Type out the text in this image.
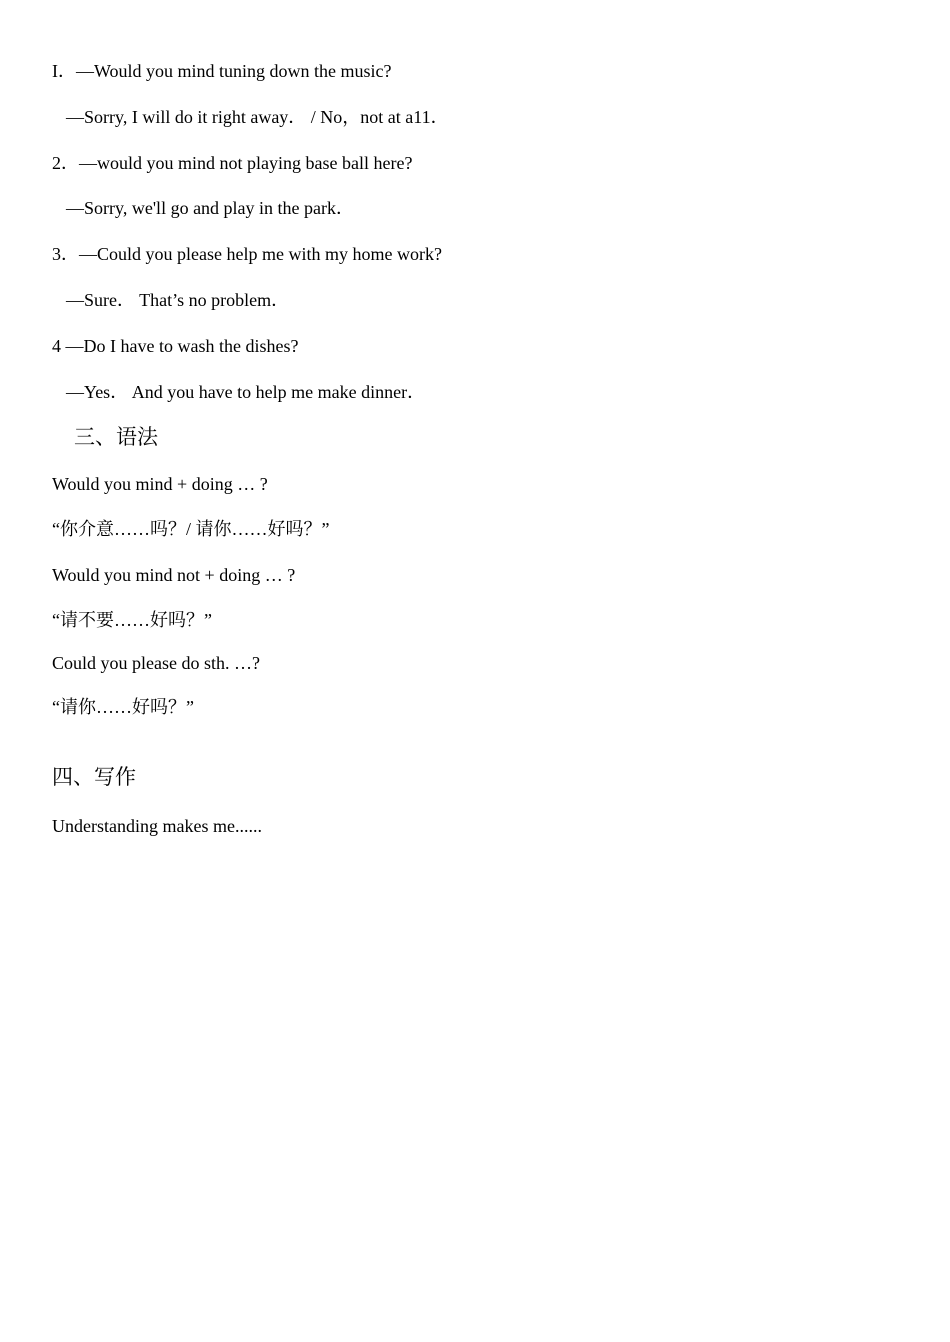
I．—Would you mind tuning down the music?
—Sorry, I will do it right away． / No，not at a11．
2．—would you mind not playing base ball here?
—Sorry, we'll go and play in the park．
3．—Could you please help me with my home work?
—Sure． That’s no problem．
4 —Do I have to wash the dishes?
—Yes． And you have to help me make dinner．
三、语法
Would you mind + doing … ?
“你介意……吗？/ 请你……好吗？”
Would you mind not + doing … ?
“请不要……好吗？”
Could you please do sth. …?
“请你……好吗？”
四、写作
Understanding makes me......
